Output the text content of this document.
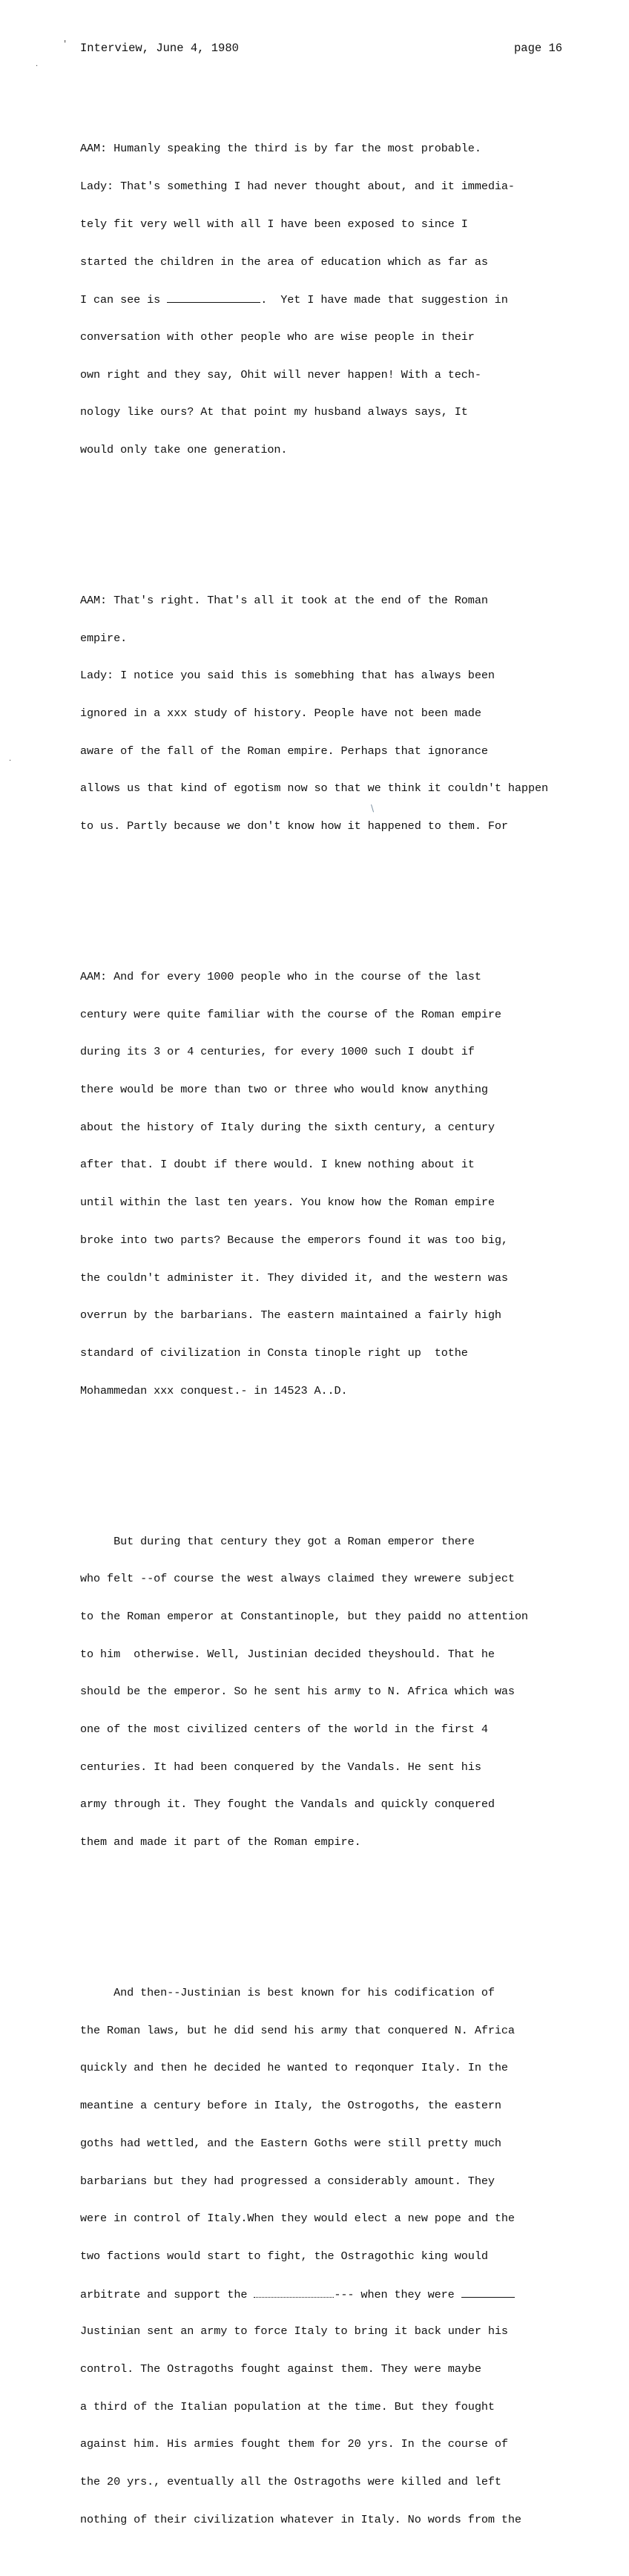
'
·
Interview, June 4, 1980	page 16

AAM: Humanly speaking the third is by far the most probable.

Lady: That's something I had never thought about, and it immedia-

tely fit very well with all I have been exposed to since I

started the children in the area of education which as far as

I can see is	.  Yet I have made that suggestion in

conversation with other people who are wise people in their

own right and they say, Ohit will never happen! With a tech-

nology like ours? At that point my husband always says, It

would only take one generation.

AAM: That's right. That's all it took at the end of the Roman

empire.

Lady: I notice you said this is somebhing that has always been

ignored in a xxx study of history. People have not been made

aware of the fall of the Roman empire. Perhaps that ignorance

allows us that kind of egotism now so that we think it couldn't happen

to us. Partly because we don't know how it happened to them. For

AAM: And for every 1000 people who in the course of the last

century were quite familiar with the course of the Roman empire

during its 3 or 4 centuries, for every 1000 such I doubt if

there would be more than two or three who would know anything

about the history of Italy during the sixth century, a century

after that. I doubt if there would. I knew nothing about it

until within the last ten years. You know how the Roman empire

broke into two parts? Because the emperors found it was too big,

the couldn't administer it. They divided it, and the western was

overrun by the barbarians. The eastern maintained a fairly high

standard of civilization in Consta tinople right up  tothe

Mohammedan xxx conquest.- in 14523 A..D.

But during that century they got a Roman emperor there

who felt --of course the west always claimed they wrewere subject

to the Roman emperor at Constantinople, but they paidd no attention

to him  otherwise. Well, Justinian decided theyshould. That he

should be the emperor. So he sent his army to N. Africa which was

one of the most civilized centers of the world in the first 4

centuries. It had been conquered by the Vandals. He sent his

army through it. They fought the Vandals and quickly conquered

them and made it part of the Roman empire.

And then--Justinian is best known for his codification of

the Roman laws, but he did send his army that conquered N. Africa

quickly and then he decided he wanted to reqonquer Italy. In the

meantine a century before in Italy, the Ostrogoths, the eastern

goths had wettled, and the Eastern Goths were still pretty much

barbarians but they had progressed a considerably amount. They

were in control of Italy.When they would elect a new pope and the

two factions would start to fight, the Ostragothic king would

arbitrate and support the	--- when they were

Justinian sent an army to force Italy to bring it back under his

control. The Ostragoths fought against them. They were maybe

a third of the Italian population at the time. But they fought

against him. His armies fought them for 20 yrs. In the course of

the 20 yrs., eventually all the Ostragoths were killed and left

nothing of their civilization whatever in Italy. No words from the

·
\
